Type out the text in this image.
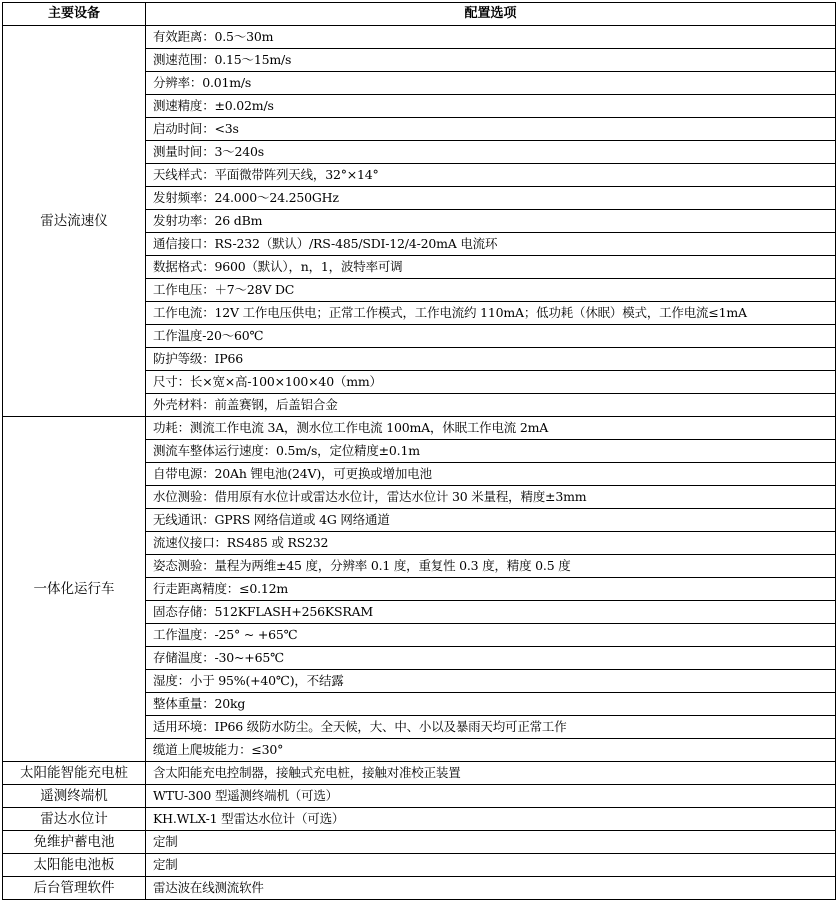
主要设备	配置选项
雷达流速仪	有效距离：0.5～30m
	测速范围：0.15～15m/s
	分辨率：0.01m/s
	测速精度：±0.02m/s
	启动时间：<3s
	测量时间：3～240s
	天线样式：平面微带阵列天线，32°×14°
	发射频率：24.000～24.250GHz
	发射功率：26 dBm
	通信接口：RS-232（默认）/RS-485/SDI-12/4-20mA 电流环
	数据格式：9600（默认），n，1，波特率可调
	工作电压：＋7～28V DC
	工作电流：12V 工作电压供电；正常工作模式，工作电流约 110mA；低功耗（休眠）模式，工作电流≤1mA
	工作温度-20～60℃
	防护等级：IP66
	尺寸：长×宽×高-100×100×40（mm）
	外壳材料：前盖赛钢，后盖铝合金
一体化运行车	功耗：测流工作电流 3A，测水位工作电流 100mA，休眠工作电流 2mA
	测流车整体运行速度：0.5m/s，定位精度±0.1m
	自带电源：20Ah 锂电池(24V)，可更换或增加电池
	水位测验：借用原有水位计或雷达水位计，雷达水位计 30 米量程，精度±3mm
	无线通讯：GPRS 网络信道或 4G 网络通道
	流速仪接口：RS485 或 RS232
	姿态测验：量程为两维±45 度，分辨率 0.1 度，重复性 0.3 度，精度 0.5 度
	行走距离精度：≤0.12m
	固态存储：512KFLASH+256KSRAM
	工作温度：-25° ~ +65℃
	存储温度：-30~+65℃
	湿度：小于 95%(+40℃)，不结露
	整体重量：20kg
	适用环境：IP66 级防水防尘。全天候，大、中、小以及暴雨天均可正常工作
	缆道上爬坡能力：≤30°
太阳能智能充电桩	含太阳能充电控制器，接触式充电桩，接触对准校正装置
遥测终端机	WTU-300 型遥测终端机（可选）
雷达水位计	KH.WLX-1 型雷达水位计（可选）
免维护蓄电池	定制
太阳能电池板	定制
后台管理软件	雷达波在线测流软件
